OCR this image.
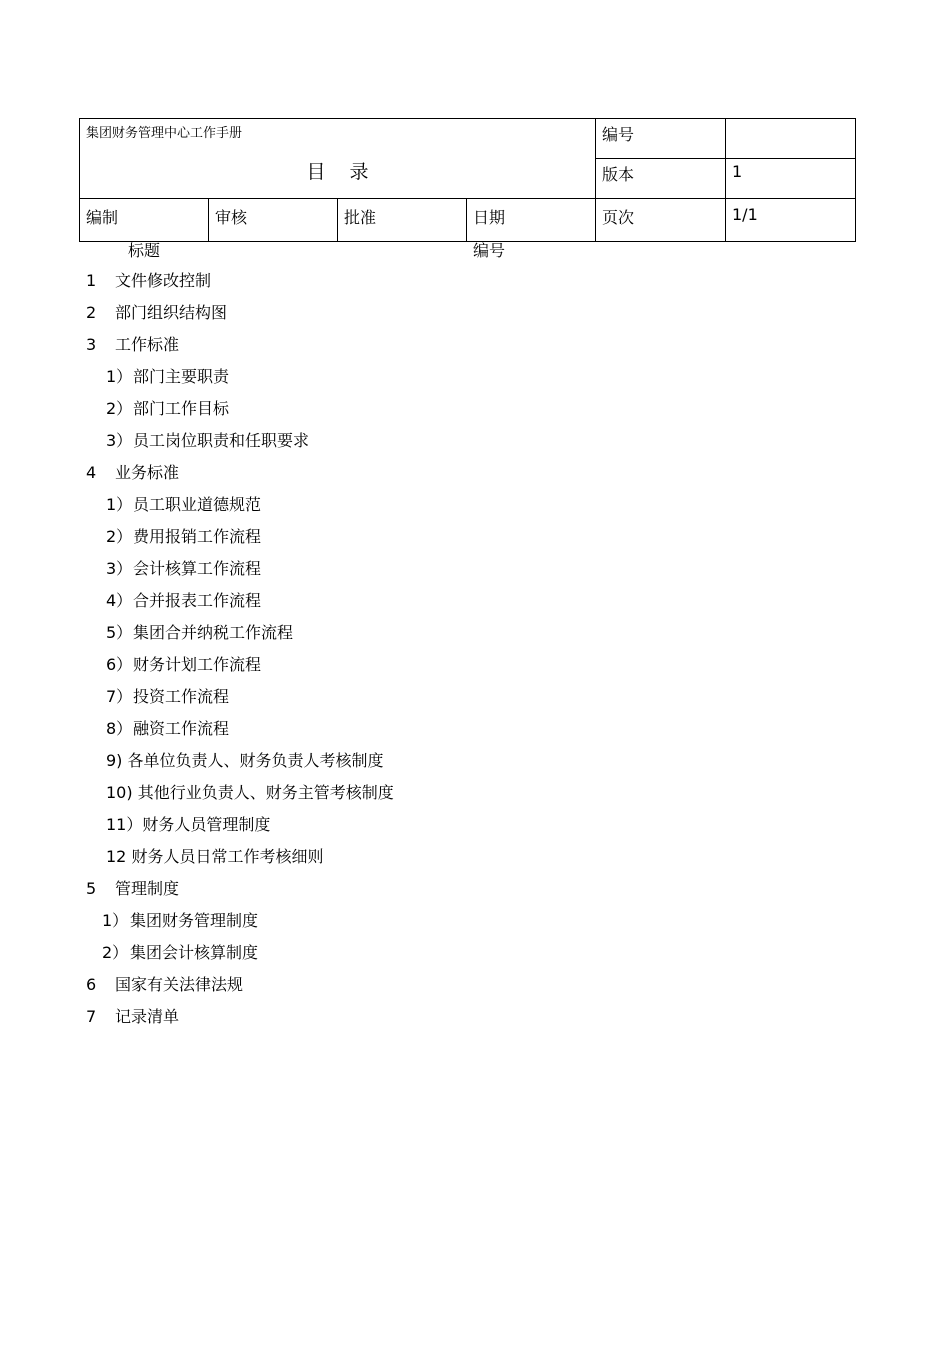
集团财务管理中心工作手册
目录				编号	
				版本	1
编制	审核	批准	日期	页次	1/1
标题	编号
1 文件修改控制
2 部门组织结构图
3 工作标准
1） 部门主要职责
2） 部门工作目标
3） 员工岗位职责和任职要求
4 业务标准
1） 员工职业道德规范
2） 费用报销工作流程
3） 会计核算工作流程
4） 合并报表工作流程
5） 集团合并纳税工作流程
6） 财务计划工作流程
7） 投资工作流程
8） 融资工作流程
9) 各单位负责人、财务负责人考核制度
10) 其他行业负责人、财务主管考核制度
11）财务人员管理制度
12 财务人员日常工作考核细则
5 管理制度
1） 集团财务管理制度
2） 集团会计核算制度
6 国家有关法律法规
7 记录清单
